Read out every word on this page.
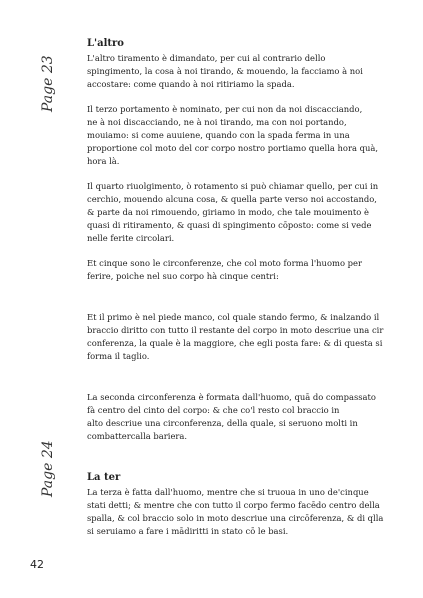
Page 23
Page 24
L'altro

L'altro tiramento è dimandato, per cui al contrario dello
spingimento, la cosa à noi tirando, & mouendo, la facciamo à noi
accostare: come quando à noi ritiriamo la spada.

Il terzo portamento è nominato, per cui non da noi discacciando,
ne à noi discacciando, ne à noi tirando, ma con noi portando,
mouiamo: si come auuiene, quando con la spada ferma in una
proportione col moto del cor corpo nostro portiamo quella hora quà,
hora là.

Il quarto riuolgimento, ò rotamento si può chiamar quello, per cui in
cerchio, mouendo alcuna cosa, & quella parte verso noi accostando,
& parte da noi rimouendo, giriamo in modo, che tale mouimento è
quasi di ritiramento, & quasi di spingimento cōposto: come si vede
nelle ferite circolari.

Et cinque sono le circonferenze, che col moto forma l'huomo per
ferire, poiche nel suo corpo hà cinque centri:

Et il primo è nel piede manco, col quale stando fermo, & inalzando il
braccio diritto con tutto il restante del corpo in moto descriue una cir
conferenza, la quale è la maggiore, che egli posta fare: & di questa si
forma il taglio.

La seconda circonferenza è formata dall'huomo, quā do compassato
fà centro del cinto del corpo: & che co'l resto col braccio in
alto descriue una circonferenza, della quale, si seruono molti in
combattercalla bariera.

La ter

La terza è fatta dall'huomo, mentre che si truoua in uno de'cinque
stati detti; & mentre che con tutto il corpo fermo facēdo centro della
spalla, & col braccio solo in moto descriue una circōferenza, & di qlla
si seruiamo a fare i mādiritti in stato cō le basi.

42
